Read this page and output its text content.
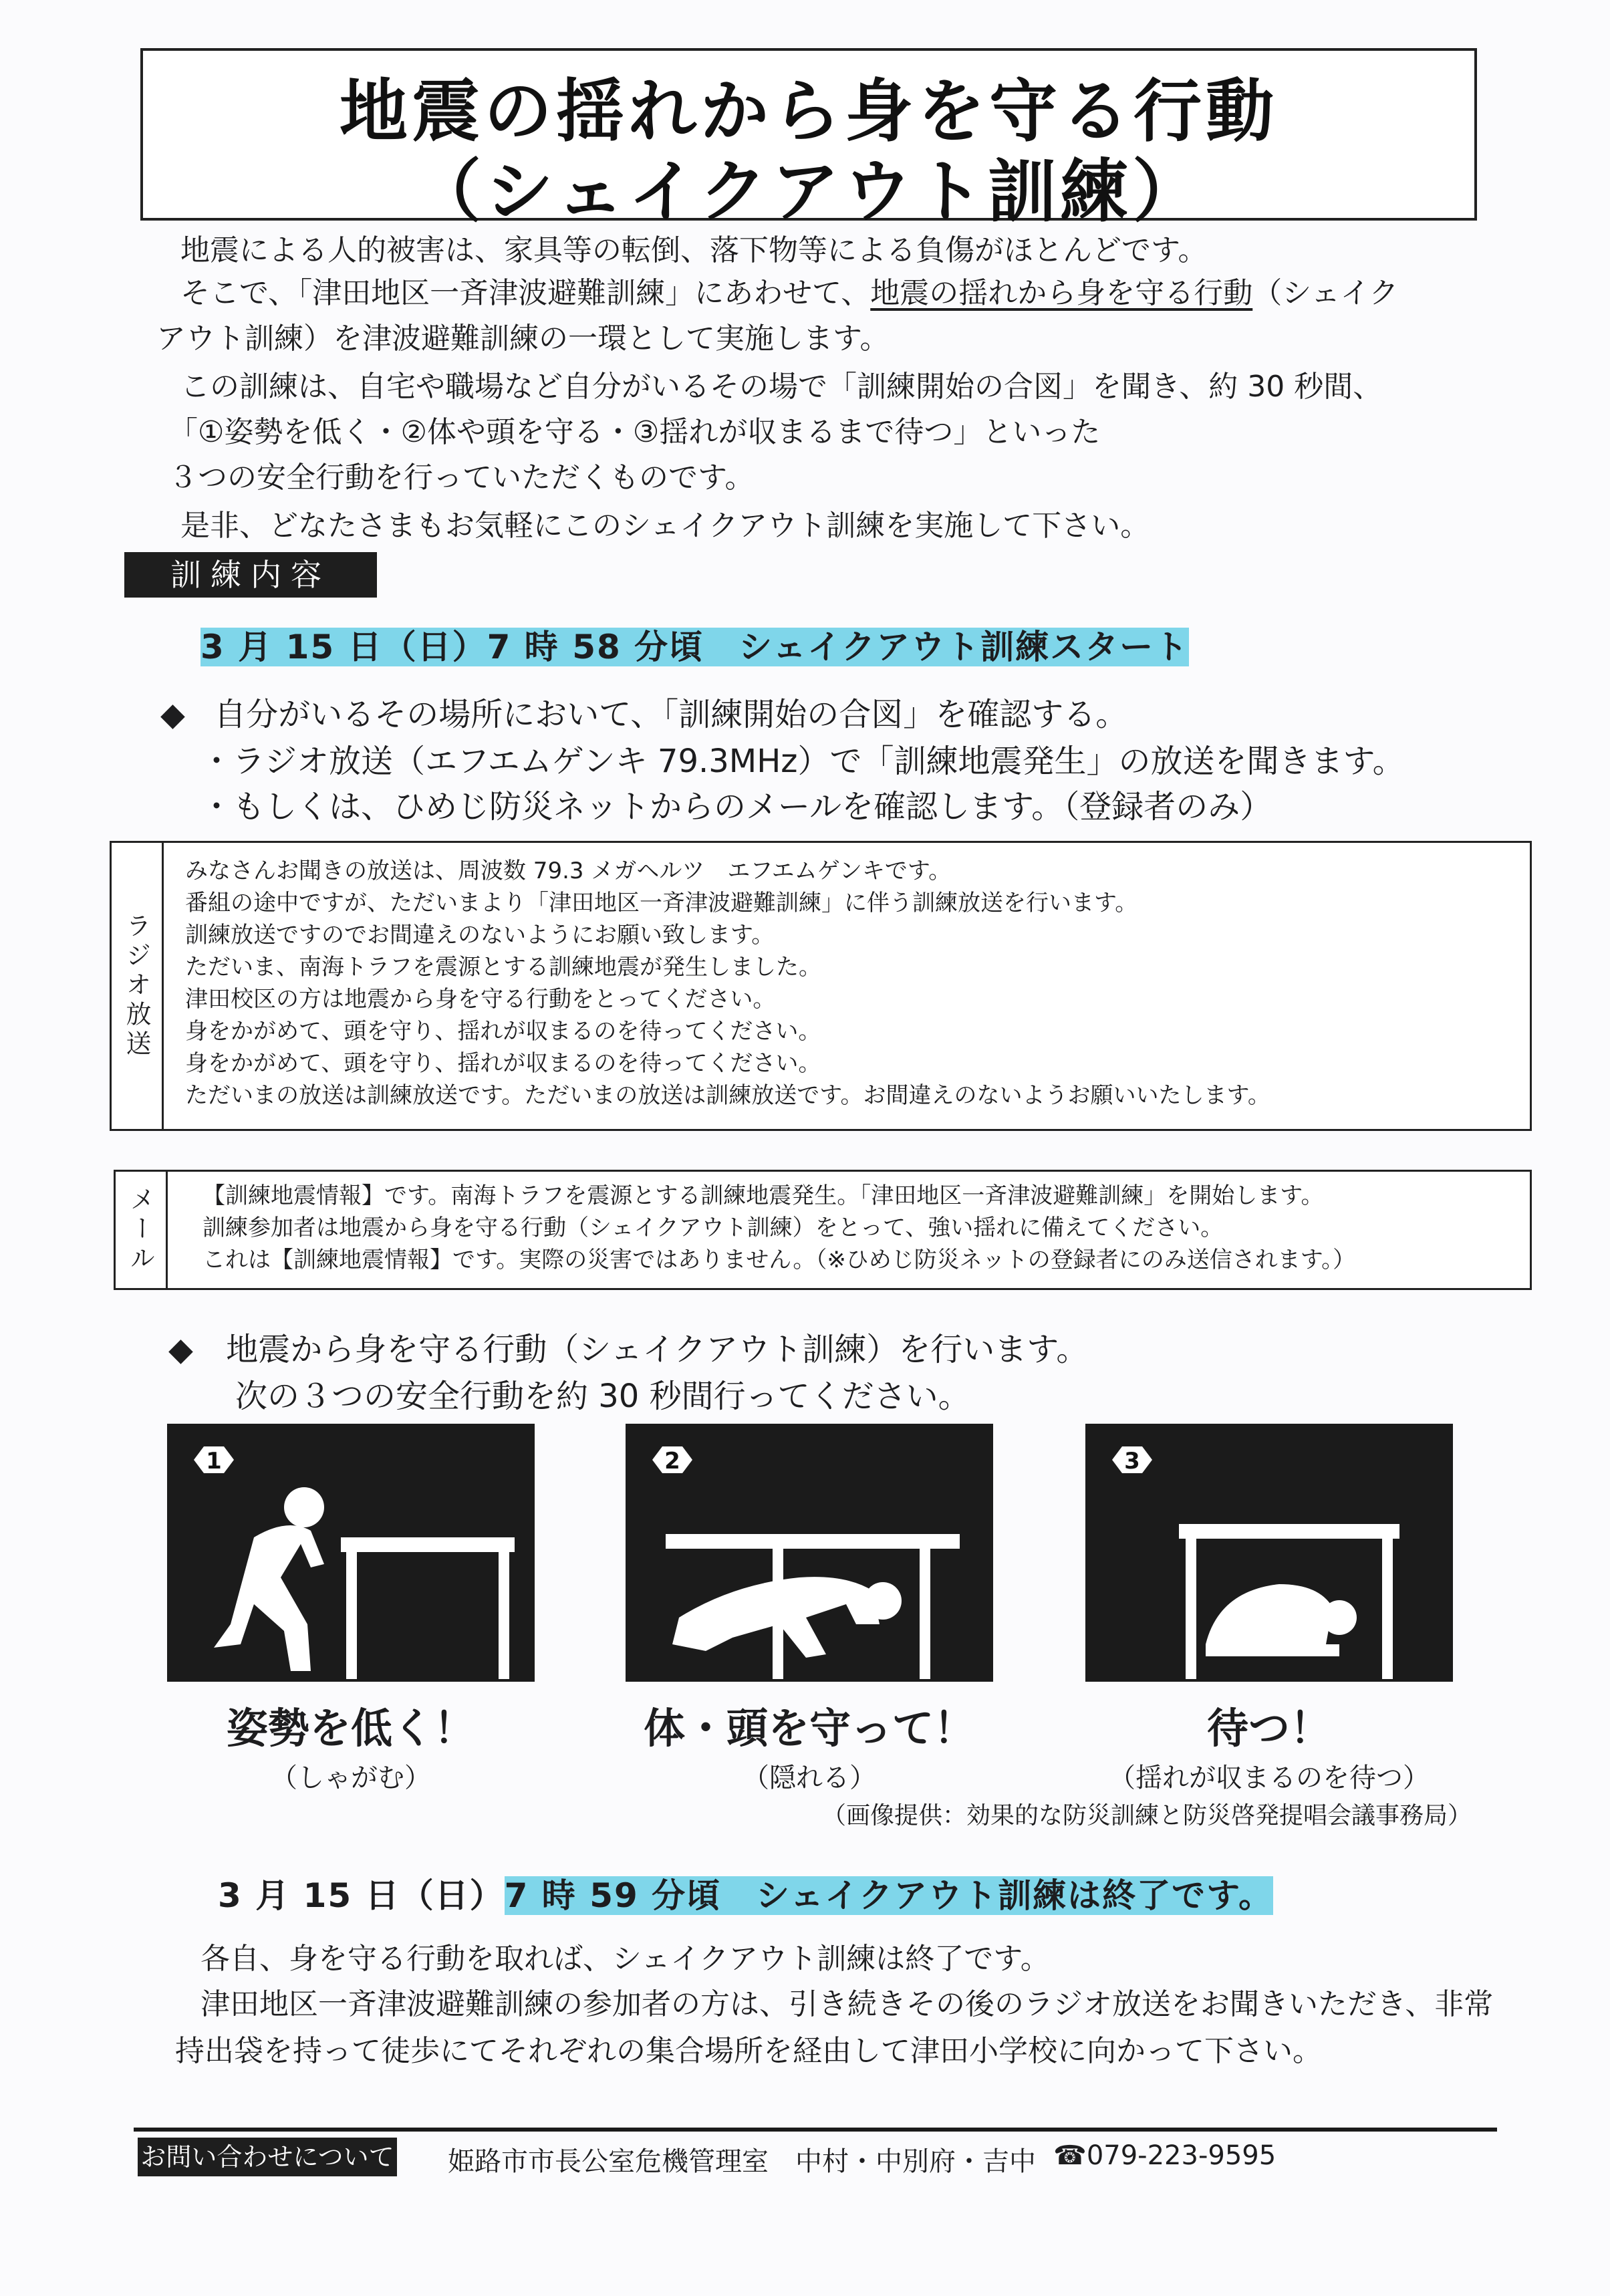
地震の揺れから身を守る行動
（シェイクアウト訓練）
地震による人的被害は、家具等の転倒、落下物等による負傷がほとんどです。
そこで、「津田地区一斉津波避難訓練」にあわせて、地震の揺れから身を守る行動（シェイク
アウト訓練）を津波避難訓練の一環として実施します。
この訓練は、自宅や職場など自分がいるその場で「訓練開始の合図」を聞き、約 30 秒間、
「①姿勢を低く・②体や頭を守る・③揺れが収まるまで待つ」といった
３つの安全行動を行っていただくものです。
是非、どなたさまもお気軽にこのシェイクアウト訓練を実施して下さい。
訓練内容
3 月 15 日（日）7 時 58 分頃　シェイクアウト訓練スタート
◆ 自分がいるその場所において、「訓練開始の合図」を確認する。
・ラジオ放送（エフエムゲンキ 79.3MHz）で「訓練地震発生」の放送を聞きます。
・もしくは、ひめじ防災ネットからのメールを確認します。（登録者のみ）
ラジオ放送
みなさんお聞きの放送は、周波数 79.3 メガヘルツ　エフエムゲンキです。
番組の途中ですが、ただいまより「津田地区一斉津波避難訓練」に伴う訓練放送を行います。
訓練放送ですのでお間違えのないようにお願い致します。
ただいま、南海トラフを震源とする訓練地震が発生しました。
津田校区の方は地震から身を守る行動をとってください。
身をかがめて、頭を守り、揺れが収まるのを待ってください。
身をかがめて、頭を守り、揺れが収まるのを待ってください。
ただいまの放送は訓練放送です。ただいまの放送は訓練放送です。お間違えのないようお願いいたします。
メール 【訓練地震情報】です。南海トラフを震源とする訓練地震発生。「津田地区一斉津波避難訓練」を開始します。
訓練参加者は地震から身を守る行動（シェイクアウト訓練）をとって、強い揺れに備えてください。
これは【訓練地震情報】です。実際の災害ではありません。（※ひめじ防災ネットの登録者にのみ送信されます。）
◆ 地震から身を守る行動（シェイクアウト訓練）を行います。
次の３つの安全行動を約 30 秒間行ってください。
1	2	3
姿勢を低く！
（しゃがむ）
体・頭を守って！
（隠れる）
待つ！
（揺れが収まるのを待つ）
（画像提供：効果的な防災訓練と防災啓発提唱会議事務局）
3 月 15 日（日）7 時 59 分頃　シェイクアウト訓練は終了です。
各自、身を守る行動を取れば、シェイクアウト訓練は終了です。
津田地区一斉津波避難訓練の参加者の方は、引き続きその後のラジオ放送をお聞きいただき、非常
持出袋を持って徒歩にてそれぞれの集合場所を経由して津田小学校に向かって下さい。
お問い合わせについて 姫路市市長公室危機管理室　中村・中別府・吉中 ☎079-223-9595
